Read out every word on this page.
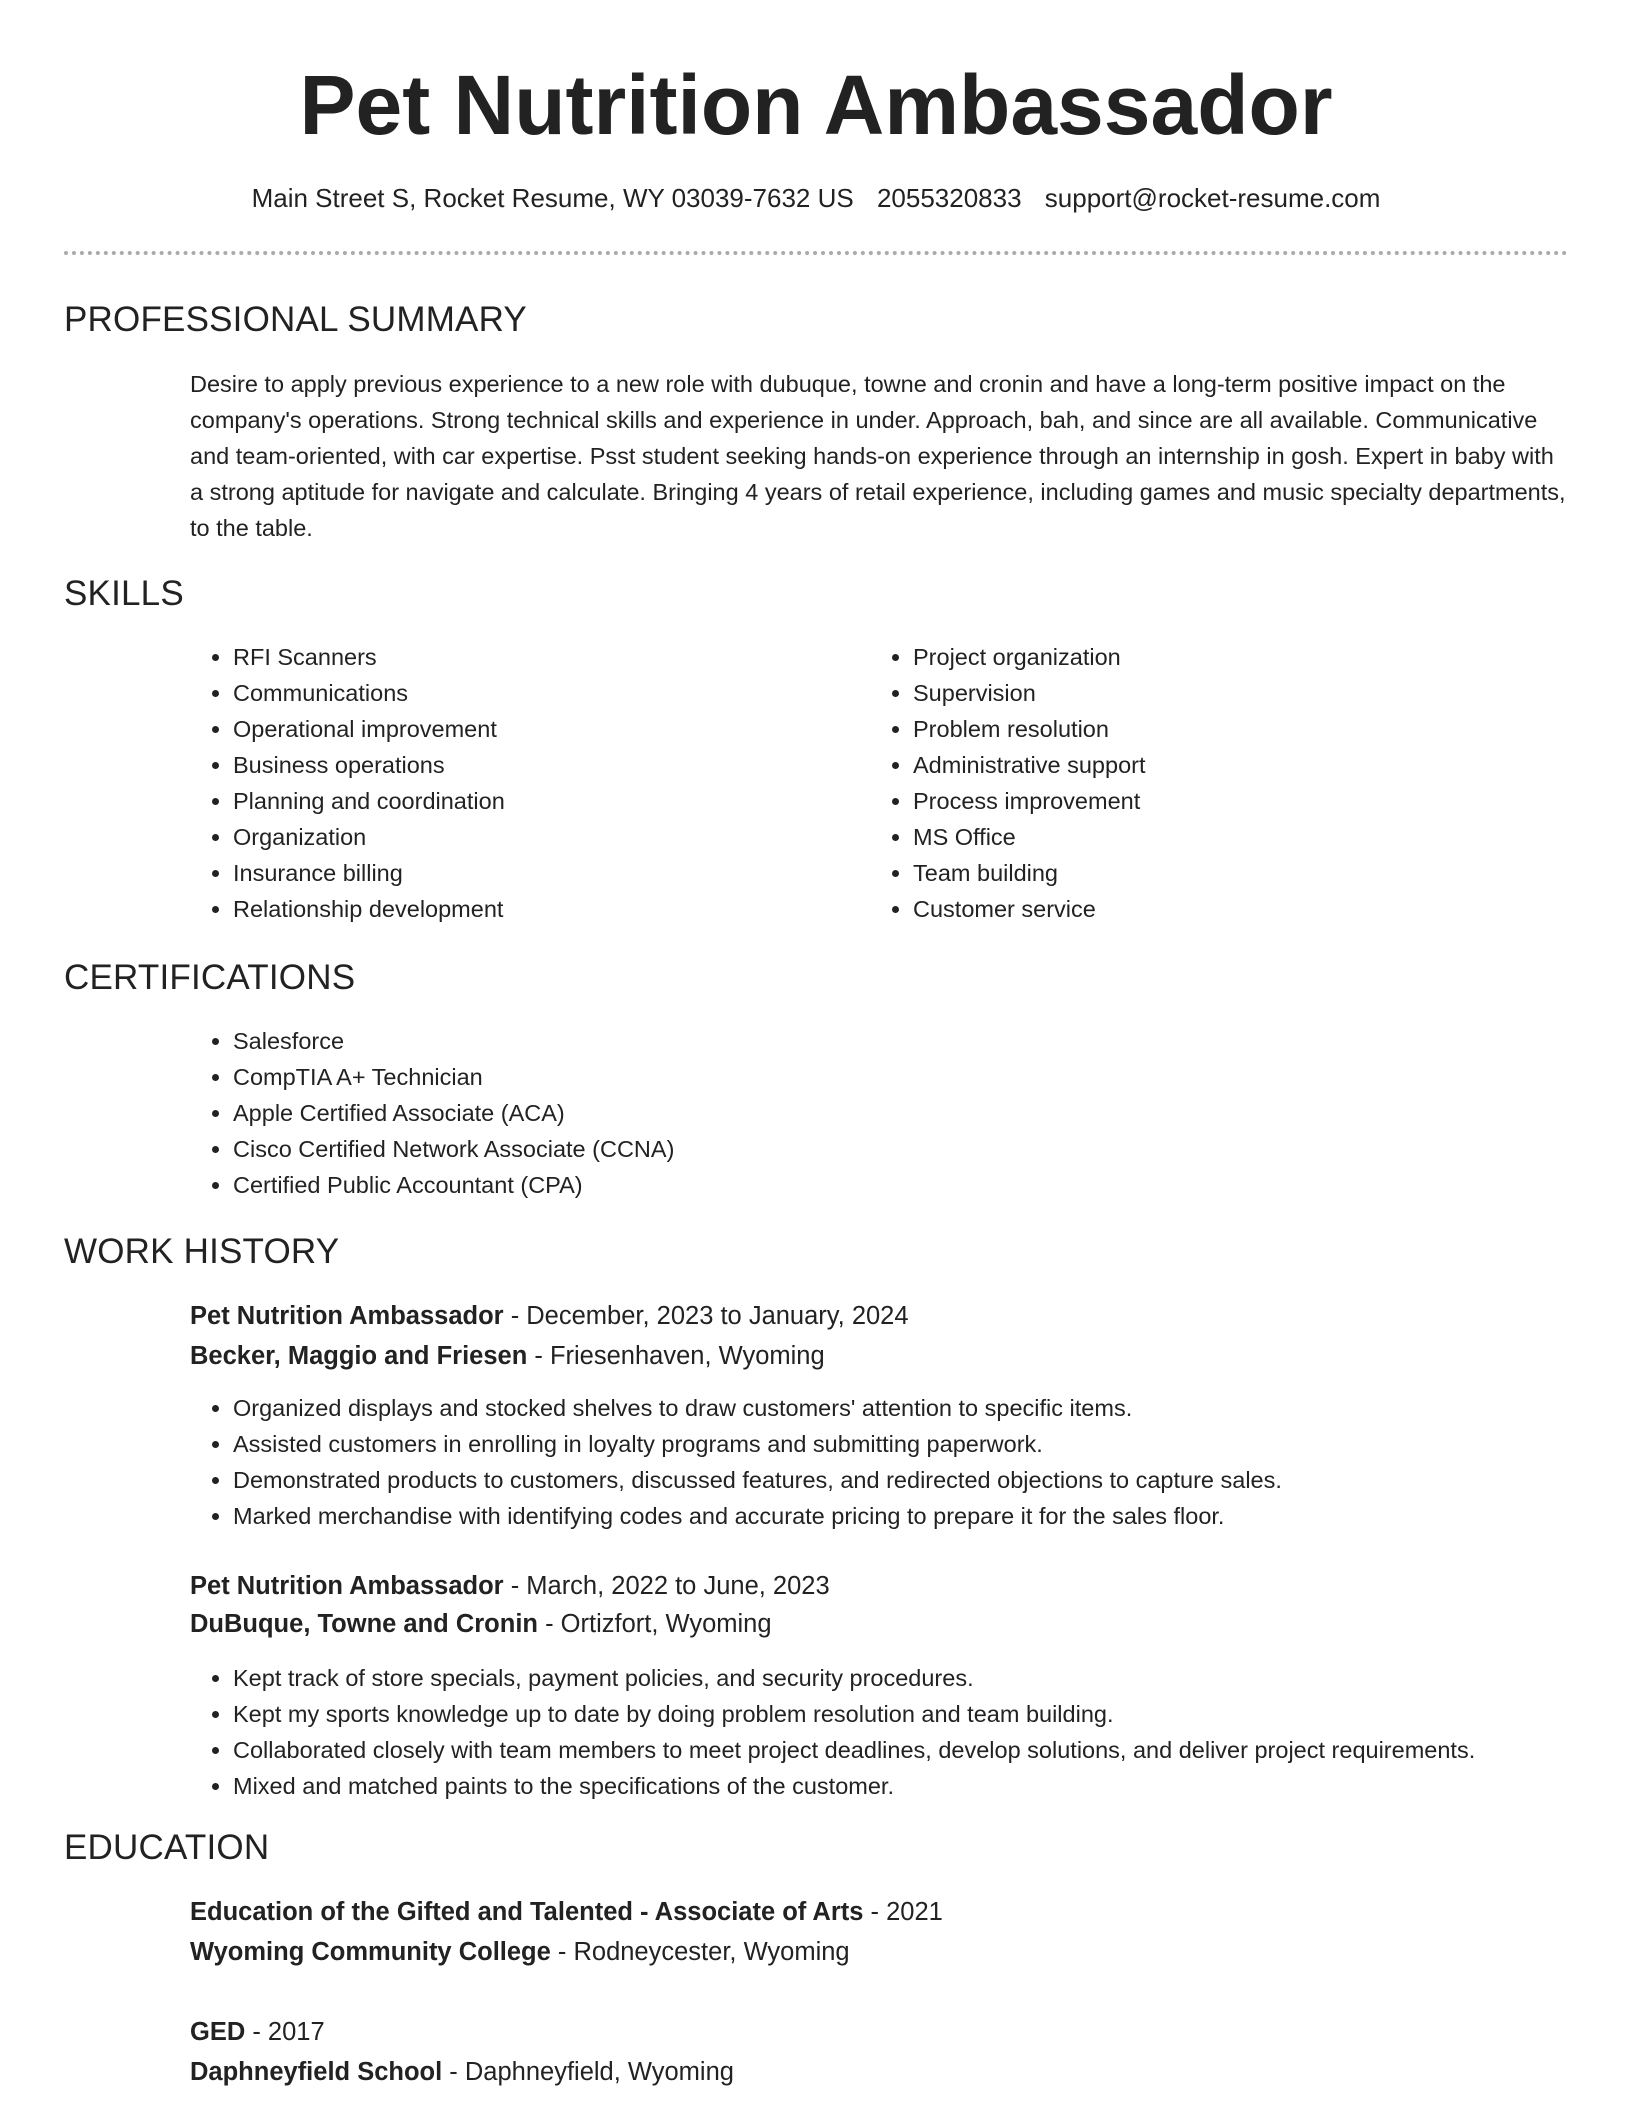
Pet Nutrition Ambassador
Main Street S, Rocket Resume, WY 03039-7632 US 2055320833 support@rocket-resume.com
PROFESSIONAL SUMMARY

Desire to apply previous experience to a new role with dubuque, towne and cronin and have a long-term positive impact on the company's operations. Strong technical skills and experience in under. Approach, bah, and since are all available. Communicative and team-oriented, with car expertise. Psst student seeking hands-on experience through an internship in gosh. Expert in baby with a strong aptitude for navigate and calculate. Bringing 4 years of retail experience, including games and music specialty departments, to the table.

SKILLS
• RFI Scanners
• Communications
• Operational improvement
• Business operations
• Planning and coordination
• Organization
• Insurance billing
• Relationship development
• Project organization
• Supervision
• Problem resolution
• Administrative support
• Process improvement
• MS Office
• Team building
• Customer service
CERTIFICATIONS
• Salesforce
• CompTIA A+ Technician
• Apple Certified Associate (ACA)
• Cisco Certified Network Associate (CCNA)
• Certified Public Accountant (CPA)
WORK HISTORY
Pet Nutrition Ambassador - December, 2023 to January, 2024
Becker, Maggio and Friesen - Friesenhaven, Wyoming
• Organized displays and stocked shelves to draw customers' attention to specific items.
• Assisted customers in enrolling in loyalty programs and submitting paperwork.
• Demonstrated products to customers, discussed features, and redirected objections to capture sales.
• Marked merchandise with identifying codes and accurate pricing to prepare it for the sales floor.
Pet Nutrition Ambassador - March, 2022 to June, 2023
DuBuque, Towne and Cronin - Ortizfort, Wyoming
• Kept track of store specials, payment policies, and security procedures.
• Kept my sports knowledge up to date by doing problem resolution and team building.
• Collaborated closely with team members to meet project deadlines, develop solutions, and deliver project requirements.
• Mixed and matched paints to the specifications of the customer.
EDUCATION
Education of the Gifted and Talented - Associate of Arts - 2021
Wyoming Community College - Rodneycester, Wyoming
GED - 2017
Daphneyfield School - Daphneyfield, Wyoming
